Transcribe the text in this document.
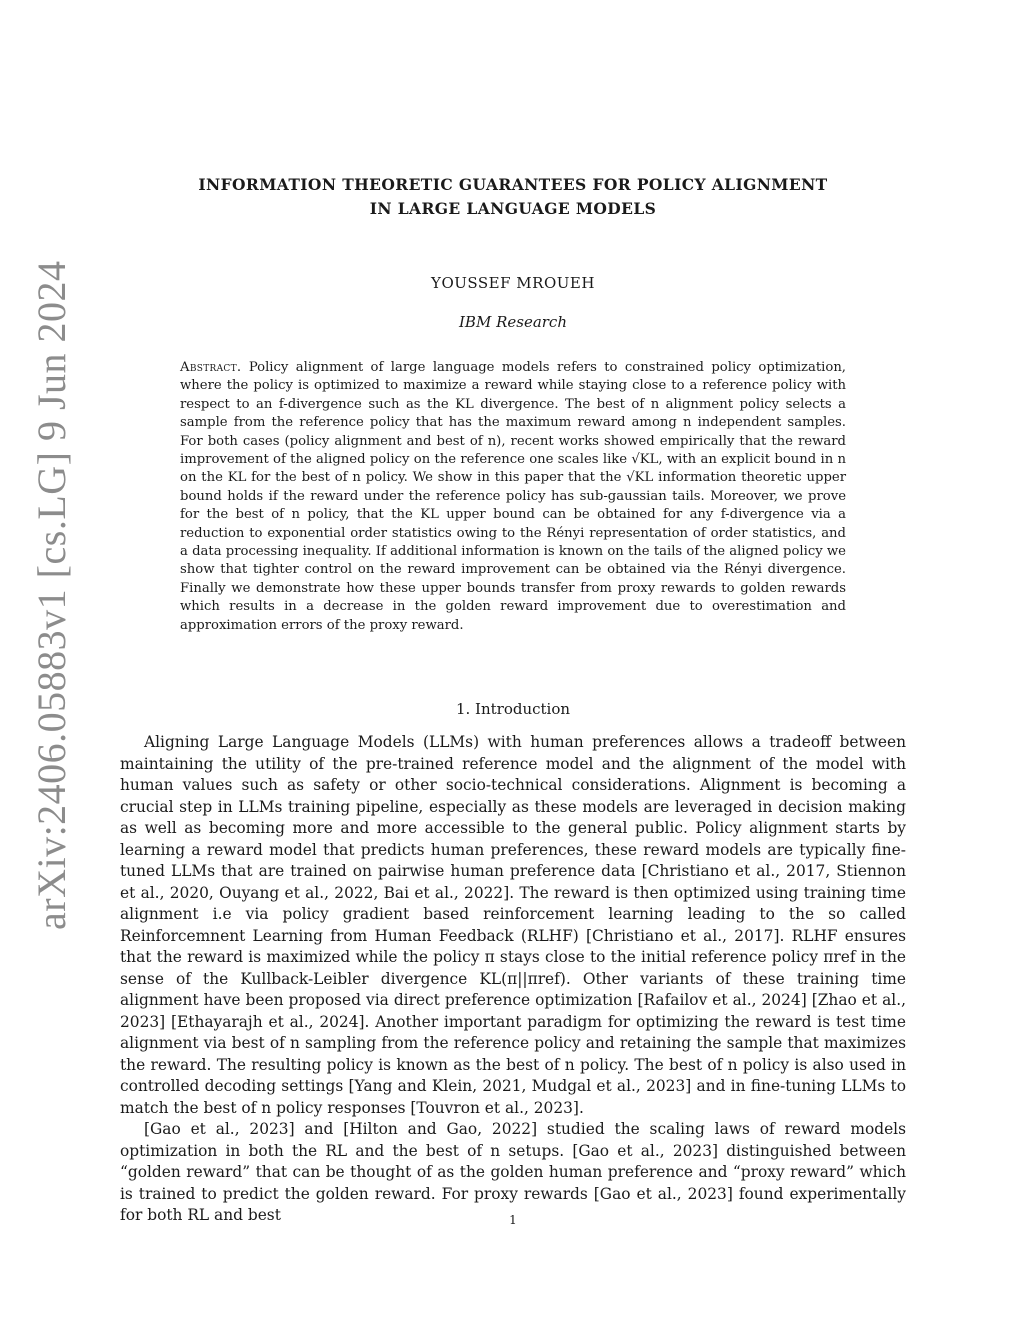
arXiv:2406.05883v1 [cs.LG] 9 Jun 2024
INFORMATION THEORETIC GUARANTEES FOR POLICY ALIGNMENT
IN LARGE LANGUAGE MODELS

YOUSSEF MROUEH

IBM Research

Abstract. Policy alignment of large language models refers to constrained policy optimization, where the policy is optimized to maximize a reward while staying close to a reference policy with respect to an f-divergence such as the KL divergence. The best of n alignment policy selects a sample from the reference policy that has the maximum reward among n independent samples. For both cases (policy alignment and best of n), recent works showed empirically that the reward improvement of the aligned policy on the reference one scales like √KL, with an explicit bound in n on the KL for the best of n policy. We show in this paper that the √KL information theoretic upper bound holds if the reward under the reference policy has sub-gaussian tails. Moreover, we prove for the best of n policy, that the KL upper bound can be obtained for any f-divergence via a reduction to exponential order statistics owing to the Rényi representation of order statistics, and a data processing inequality. If additional information is known on the tails of the aligned policy we show that tighter control on the reward improvement can be obtained via the Rényi divergence. Finally we demonstrate how these upper bounds transfer from proxy rewards to golden rewards which results in a decrease in the golden reward improvement due to overestimation and approximation errors of the proxy reward.

1. Introduction

Aligning Large Language Models (LLMs) with human preferences allows a tradeoff between maintaining the utility of the pre-trained reference model and the alignment of the model with human values such as safety or other socio-technical considerations. Alignment is becoming a crucial step in LLMs training pipeline, especially as these models are leveraged in decision making as well as becoming more and more accessible to the general public. Policy alignment starts by learning a reward model that predicts human preferences, these reward models are typically fine-tuned LLMs that are trained on pairwise human preference data [Christiano et al., 2017, Stiennon et al., 2020, Ouyang et al., 2022, Bai et al., 2022]. The reward is then optimized using training time alignment i.e via policy gradient based reinforcement learning leading to the so called Reinforcemnent Learning from Human Feedback (RLHF) [Christiano et al., 2017]. RLHF ensures that the reward is maximized while the policy π stays close to the initial reference policy πref in the sense of the Kullback-Leibler divergence KL(π||πref). Other variants of these training time alignment have been proposed via direct preference optimization [Rafailov et al., 2024] [Zhao et al., 2023] [Ethayarajh et al., 2024]. Another important paradigm for optimizing the reward is test time alignment via best of n sampling from the reference policy and retaining the sample that maximizes the reward. The resulting policy is known as the best of n policy. The best of n policy is also used in controlled decoding settings [Yang and Klein, 2021, Mudgal et al., 2023] and in fine-tuning LLMs to match the best of n policy responses [Touvron et al., 2023].

[Gao et al., 2023] and [Hilton and Gao, 2022] studied the scaling laws of reward models optimization in both the RL and the best of n setups. [Gao et al., 2023] distinguished between “golden reward” that can be thought of as the golden human preference and “proxy reward” which is trained to predict the golden reward. For proxy rewards [Gao et al., 2023] found experimentally for both RL and best	1
